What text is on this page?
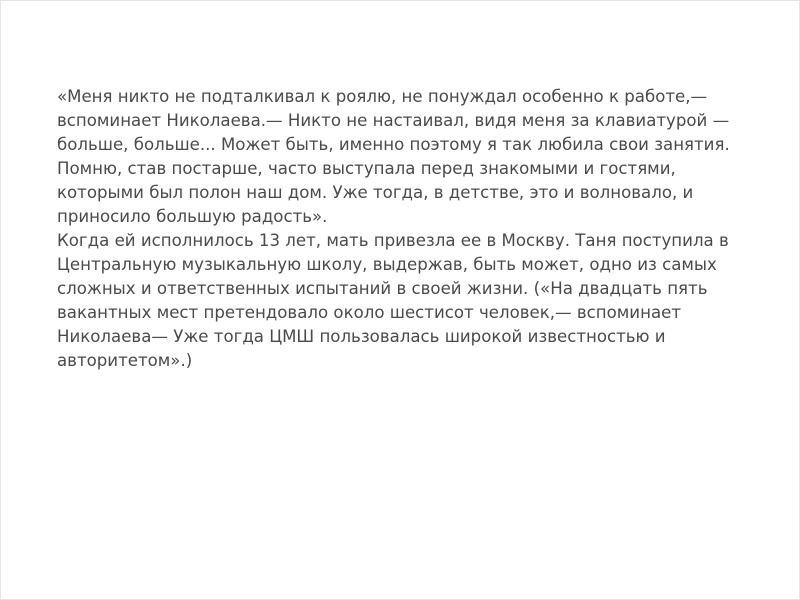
«Меня никто не подталкивал к роялю, не понуждал особенно к работе,—
вспоминает Николаева.— Никто не настаивал, видя меня за клавиатурой —
больше, больше... Может быть, именно поэтому я так любила свои занятия.
Помню, став постарше, часто выступала перед знакомыми и гостями,
которыми был полон наш дом. Уже тогда, в детстве, это и волновало, и
приносило большую радость».
Когда ей исполнилось 13 лет, мать привезла ее в Москву. Таня поступила в
Центральную музыкальную школу, выдержав, быть может, одно из самых
сложных и ответственных испытаний в своей жизни. («На двадцать пять
вакантных мест претендовало около шестисот человек,— вспоминает
Николаева— Уже тогда ЦМШ пользовалась широкой известностью и
авторитетом».)
